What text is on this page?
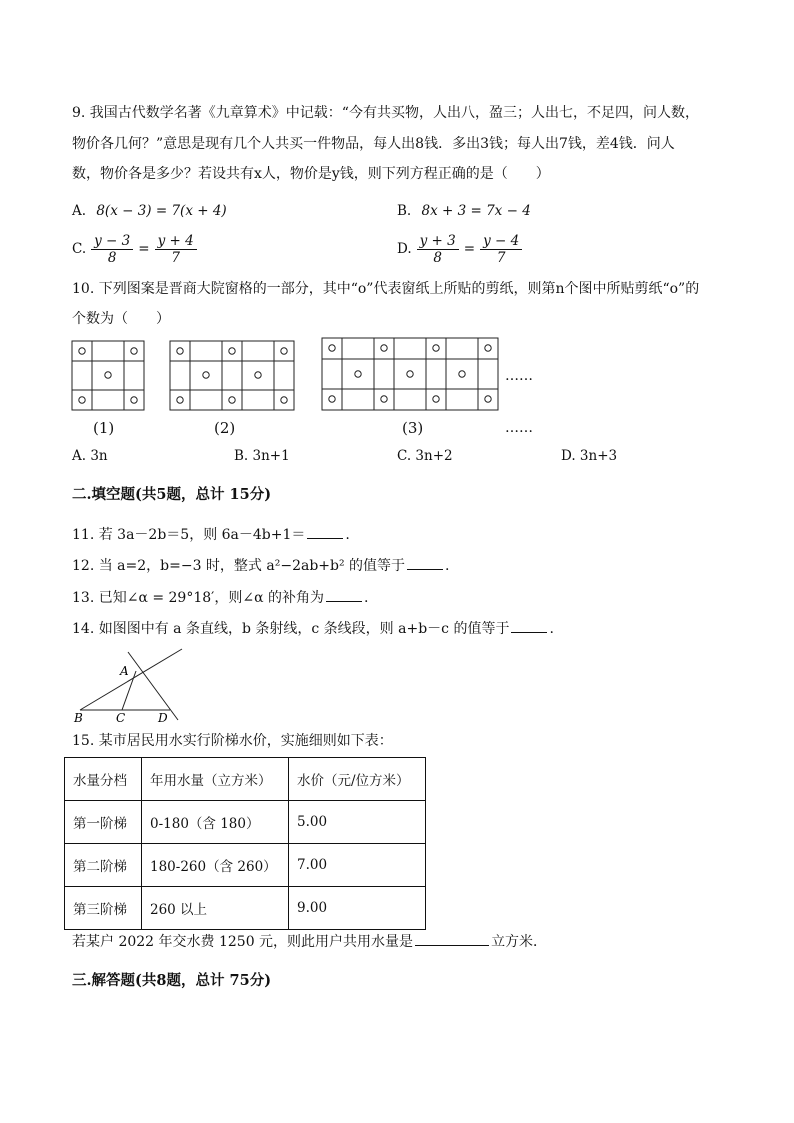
9. 我国古代数学名著《九章算术》中记载：“今有共买物，人出八，盈三；人出七，不足四，问人数，
物价各几何？”意思是现有几个人共买一件物品，每人出8钱．多出3钱；每人出7钱，差4钱．问人
数，物价各是多少？若设共有x人，物价是y钱，则下列方程正确的是（　　）
A. 8(x − 3) = 7(x + 4)	B. 8x + 3 = 7x − 4
C. $\frac{y - 3}{8} = \frac{y + 4}{7}$	D. $\frac{y + 3}{8} = \frac{y - 4}{7}$
10. 下列图案是晋商大院窗格的一部分，其中“o”代表窗纸上所贴的剪纸，则第n个图中所贴剪纸“o”的
个数为（　　）
……
(1)	(2)	(3)	……
A. 3n	B. 3n+1	C. 3n+2	D. 3n+3
二.填空题(共5题，总计 15分)
11. 若 3a－2b＝5，则 6a－4b+1＝	.
12. 当 a=2，b=−3 时，整式 a²−2ab+b² 的值等于	.
13. 已知∠α = 29°18′，则∠α 的补角为	.
14. 如图图中有 a 条直线，b 条射线，c 条线段，则 a+b－c 的值等于	.
A
B	C	D
15. 某市居民用水实行阶梯水价，实施细则如下表：
水量分档	年用水量（立方米）	水价（元/位方米）
第一阶梯	0-180（含 180）	5.00
第二阶梯	180-260（含 260）	7.00
第三阶梯	260 以上	9.00
若某户 2022 年交水费 1250 元，则此用户共用水量是	立方米．
三.解答题(共8题，总计 75分)
